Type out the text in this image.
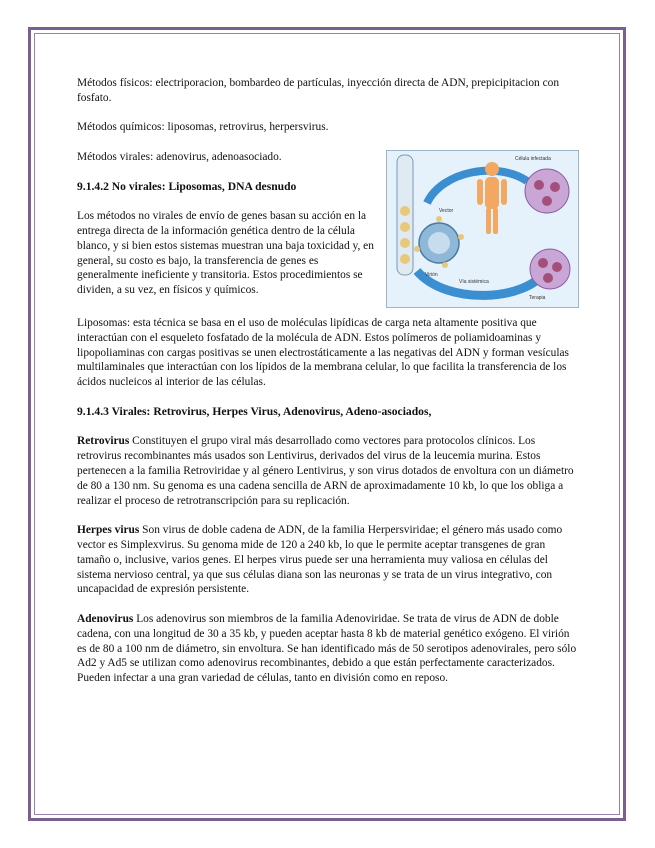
Métodos físicos: electriporacion, bombardeo de partículas, inyección directa de ADN, prepicipitacion con fosfato.

Métodos químicos: liposomas, retrovirus, herpersvirus.

Célula infectada
Vector
Vía sistémica
Virión
Terapia

Métodos virales: adenovirus, adenoasociado.

9.1.4.2 No virales: Liposomas, DNA desnudo

Los métodos no virales de envío de genes basan su acción en la entrega directa de la información genética dentro de la célula blanco, y si bien estos sistemas muestran una baja toxicidad y, en general, su costo es bajo, la transferencia de genes es generalmente ineficiente y transitoria. Estos procedimientos se dividen, a su vez, en físicos y químicos.

Liposomas: esta técnica se basa en el uso de moléculas lipídicas de carga neta altamente positiva que interactúan con el esqueleto fosfatado de la molécula de ADN. Estos polímeros de poliamidoaminas y lipopoliaminas con cargas positivas se unen electrostáticamente a las negativas del ADN y forman vesículas multilaminales que interactúan con los lípidos de la membrana celular, lo que facilita la transferencia de los ácidos nucleicos al interior de las células.

9.1.4.3 Virales: Retrovirus, Herpes Virus, Adenovirus, Adeno-asociados,

Retrovirus Constituyen el grupo viral más desarrollado como vectores para protocolos clínicos. Los retrovirus recombinantes más usados son Lentivirus, derivados del virus de la leucemia murina. Estos pertenecen a la familia Retroviridae y al género Lentivirus, y son virus dotados de envoltura con un diámetro de 80 a 130 nm. Su genoma es una cadena sencilla de ARN de aproximadamente 10 kb, lo que los obliga a realizar el proceso de retrotranscripción para su replicación.

Herpes virus Son virus de doble cadena de ADN, de la familia Herpersviridae; el género más usado como vector es Simplexvirus. Su genoma mide de 120 a 240 kb, lo que le permite aceptar transgenes de gran tamaño o, inclusive, varios genes. El herpes virus puede ser una herramienta muy valiosa en células del sistema nervioso central, ya que sus células diana son las neuronas y se trata de un virus integrativo, con uncapacidad de expresión persistente.

Adenovirus Los adenovirus son miembros de la familia Adenoviridae. Se trata de virus de ADN de doble cadena, con una longitud de 30 a 35 kb, y pueden aceptar hasta 8 kb de material genético exógeno. El virión es de 80 a 100 nm de diámetro, sin envoltura. Se han identificado más de 50 serotipos adenovirales, pero sólo Ad2 y Ad5 se utilizan como adenovirus recombinantes, debido a que están perfectamente caracterizados. Pueden infectar a una gran variedad de células, tanto en división como en reposo.
